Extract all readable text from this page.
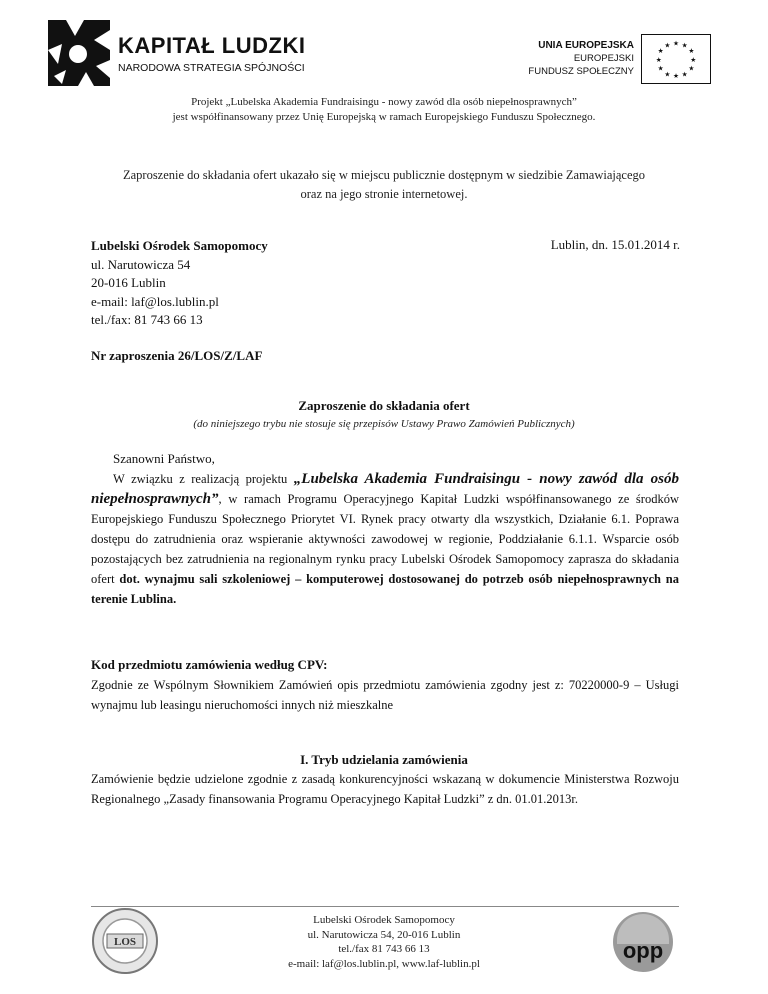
KAPITAŁ LUDZKI
NARODOWA STRATEGIA SPÓJNOŚCI
UNIA EUROPEJSKA
EUROPEJSKI
FUNDUSZ SPOŁECZNY
★ ★
★
★
★
★
★
★
★
★
★
★
Projekt „Lubelska Akademia Fundraisingu - nowy zawód dla osób niepełnosprawnych”
jest współfinansowany przez Unię Europejską w ramach Europejskiego Funduszu Społecznego.
Zaproszenie do składania ofert ukazało się w miejscu publicznie dostępnym w siedzibie Zamawiającego
oraz na jego stronie internetowej.
Lubelski Ośrodek Samopomocy
ul. Narutowicza 54
20-016 Lublin
e-mail: laf@los.lublin.pl
tel./fax: 81 743 66 13
Lublin, dn. 15.01.2014 r.
Nr zaproszenia 26/LOS/Z/LAF
Zaproszenie do składania ofert
(do niniejszego trybu nie stosuje się przepisów Ustawy Prawo Zamówień Publicznych)
Szanowni Państwo,
W związku z realizacją projektu „Lubelska Akademia Fundraisingu - nowy zawód dla osób niepełnosprawnych”, w ramach Programu Operacyjnego Kapitał Ludzki współfinansowanego ze środków Europejskiego Funduszu Społecznego Priorytet VI. Rynek pracy otwarty dla wszystkich, Działanie 6.1. Poprawa dostępu do zatrudnienia oraz wspieranie aktywności zawodowej w regionie, Poddziałanie 6.1.1. Wsparcie osób pozostających bez zatrudnienia na regionalnym rynku pracy Lubelski Ośrodek Samopomocy zaprasza do składania ofert dot. wynajmu sali szkoleniowej – komputerowej dostosowanej do potrzeb osób niepełnosprawnych na terenie Lublina.
Kod przedmiotu zamówienia według CPV:
Zgodnie ze Wspólnym Słownikiem Zamówień opis przedmiotu zamówienia zgodny jest z: 70220000-9 – Usługi wynajmu lub leasingu nieruchomości innych niż mieszkalne
I. Tryb udzielania zamówienia
Zamówienie będzie udzielone zgodnie z zasadą konkurencyjności wskazaną w dokumencie Ministerstwa Rozwoju Regionalnego „Zasady finansowania Programu Operacyjnego Kapitał Ludzki” z dn. 01.01.2013r.
LOS
Lubelski Ośrodek Samopomocy
ul. Narutowicza 54, 20-016 Lublin
tel./fax 81 743 66 13
e-mail: laf@los.lublin.pl, www.laf-lublin.pl
opp
